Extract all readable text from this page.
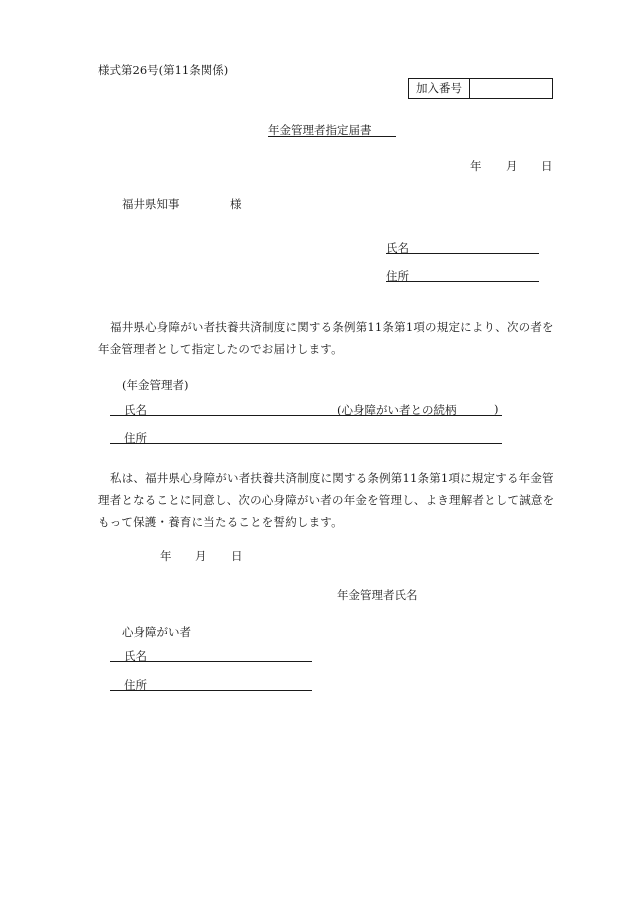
様式第26号(第11条関係)
加入番号
年金管理者指定届書
年 月 日
福井県知事	様
氏名
住所
福井県心身障がい者扶養共済制度に関する条例第11条第1項の規定により、次の者を年金管理者として指定したのでお届けします。
(年金管理者)
氏名	(心身障がい者との続柄	)
住所
私は、福井県心身障がい者扶養共済制度に関する条例第11条第1項に規定する年金管理者となることに同意し、次の心身障がい者の年金を管理し、よき理解者として誠意をもって保護・養育に当たることを誓約します。
年 月 日
年金管理者氏名
心身障がい者
氏名
住所
